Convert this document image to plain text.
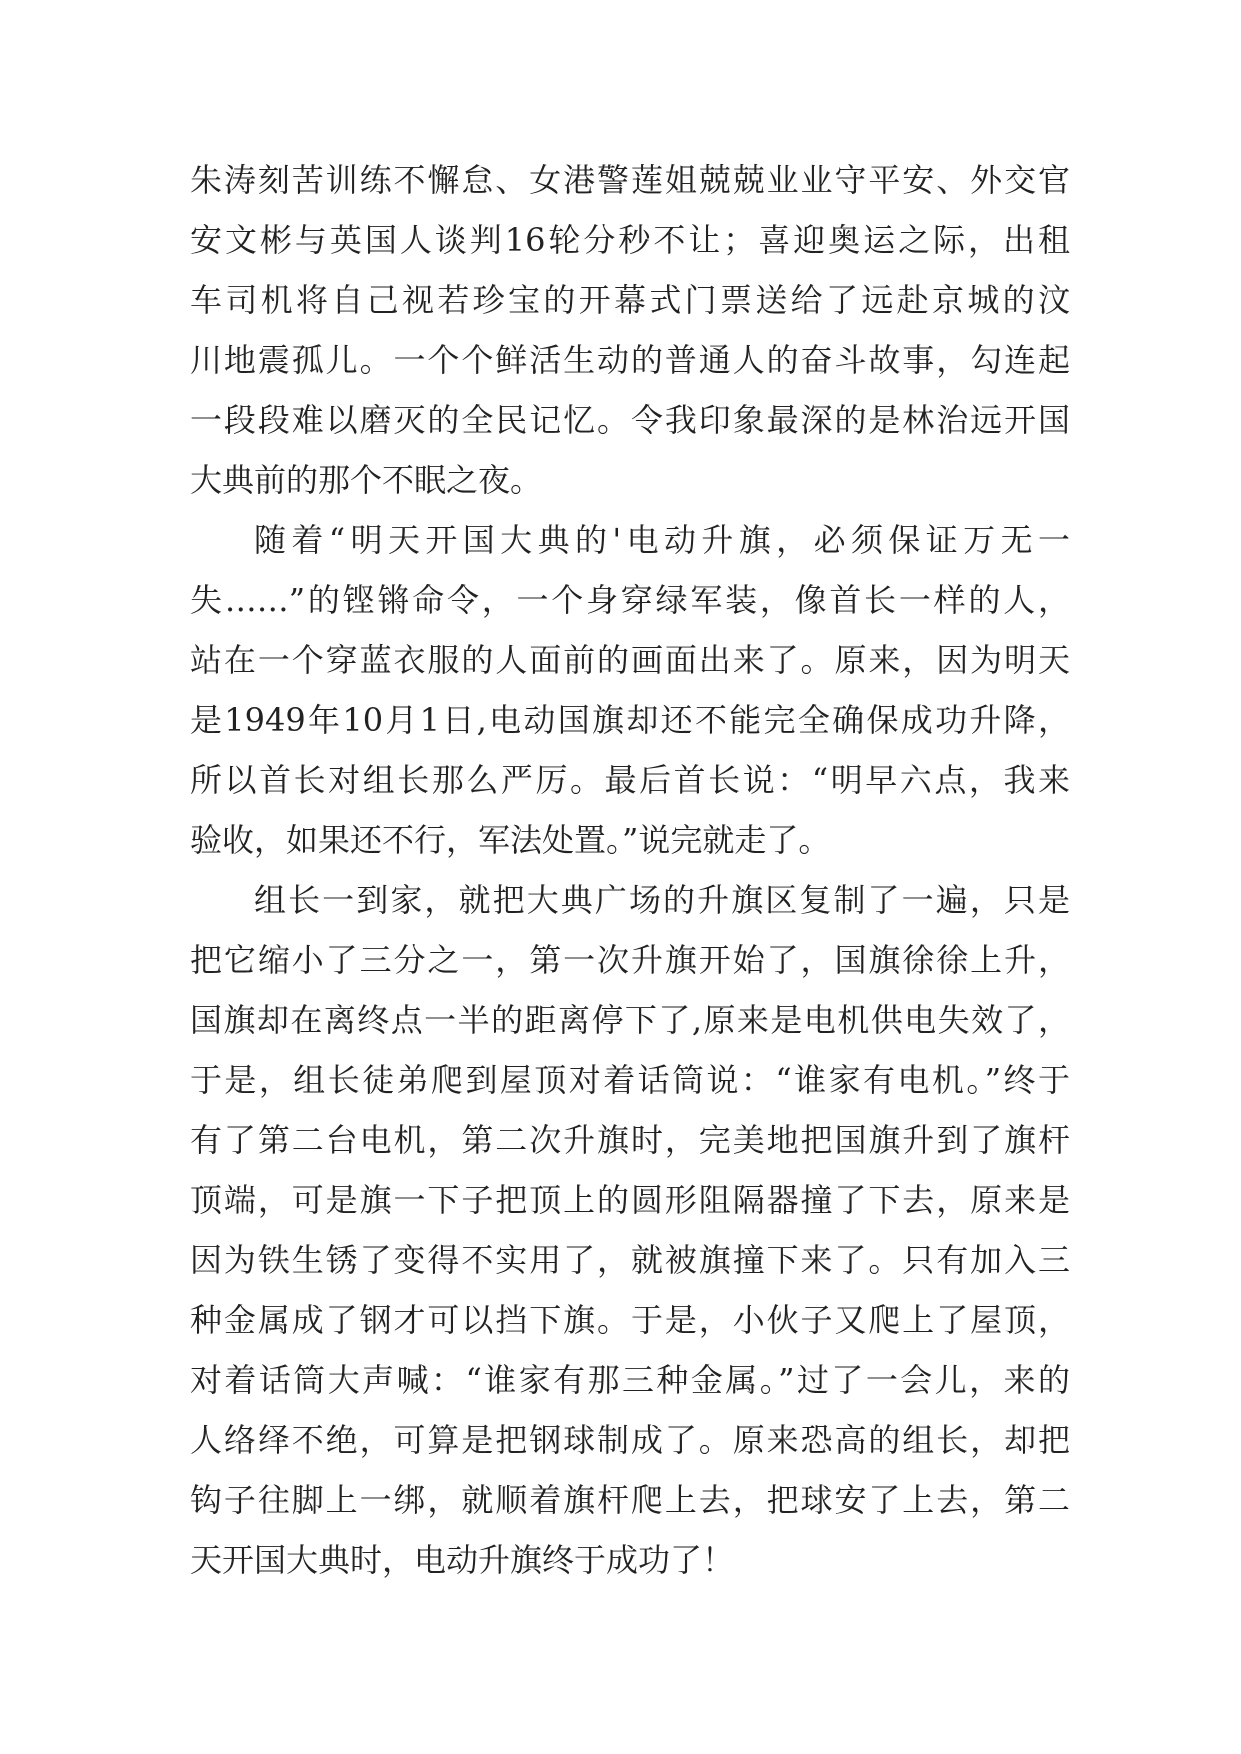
朱涛刻苦训练不懈怠、女港警莲姐兢兢业业守平安、外交官
安文彬与英国人谈判16轮分秒不让；喜迎奥运之际，出租
车司机将自己视若珍宝的开幕式门票送给了远赴京城的汶
川地震孤儿。一个个鲜活生动的普通人的奋斗故事，勾连起
一段段难以磨灭的全民记忆。令我印象最深的是林治远开国
大典前的那个不眠之夜。
随着“明天开国大典的'电动升旗，必须保证万无一
失……”的铿锵命令，一个身穿绿军装，像首长一样的人，
站在一个穿蓝衣服的人面前的画面出来了。原来，因为明天
是1949年10月1日,电动国旗却还不能完全确保成功升降，
所以首长对组长那么严厉。最后首长说：“明早六点，我来
验收，如果还不行，军法处置。”说完就走了。
组长一到家，就把大典广场的升旗区复制了一遍，只是
把它缩小了三分之一，第一次升旗开始了，国旗徐徐上升，
国旗却在离终点一半的距离停下了,原来是电机供电失效了，
于是，组长徒弟爬到屋顶对着话筒说：“谁家有电机。”终于
有了第二台电机，第二次升旗时，完美地把国旗升到了旗杆
顶端，可是旗一下子把顶上的圆形阻隔器撞了下去，原来是
因为铁生锈了变得不实用了，就被旗撞下来了。只有加入三
种金属成了钢才可以挡下旗。于是，小伙子又爬上了屋顶，
对着话筒大声喊：“谁家有那三种金属。”过了一会儿，来的
人络绎不绝，可算是把钢球制成了。原来恐高的组长，却把
钩子往脚上一绑，就顺着旗杆爬上去，把球安了上去，第二
天开国大典时，电动升旗终于成功了！
